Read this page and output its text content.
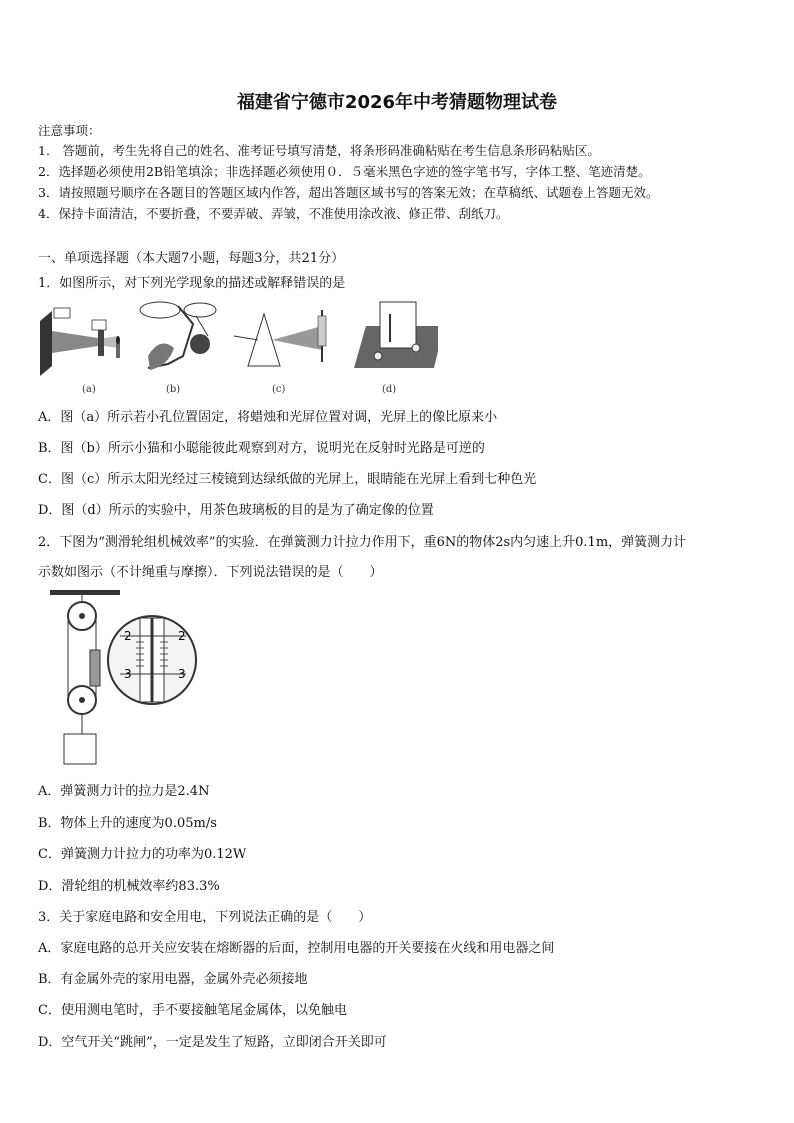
福建省宁德市2026年中考猜题物理试卷
注意事项：
1.　答题前，考生先将自己的姓名、准考证号填写清楚，将条形码准确粘贴在考生信息条形码粘贴区。
2．选择题必须使用2B铅笔填涂；非选择题必须使用０．５毫米黑色字迹的签字笔书写，字体工整、笔迹清楚。
3．请按照题号顺序在各题目的答题区域内作答，超出答题区域书写的答案无效；在草稿纸、试题卷上答题无效。
4．保持卡面清洁，不要折叠，不要弄破、弄皱，不准使用涂改液、修正带、刮纸刀。
一、单项选择题（本大题7小题，每题3分，共21分）
1．如图所示，对下列光学现象的描述或解释错误的是
(a)	(b)	(c)	(d)
A．图（a）所示若小孔位置固定，将蜡烛和光屏位置对调，光屏上的像比原来小
B．图（b）所示小猫和小聪能彼此观察到对方，说明光在反射时光路是可逆的
C．图（c）所示太阳光经过三棱镜到达绿纸做的光屏上，眼睛能在光屏上看到七种色光
D．图（d）所示的实验中，用茶色玻璃板的目的是为了确定像的位置
2．下图为“测滑轮组机械效率”的实验．在弹簧测力计拉力作用下，重6N的物体2s内匀速上升0.1m，弹簧测力计
示数如图示（不计绳重与摩擦）．下列说法错误的是（　　）
2	2
3	3
A．弹簧测力计的拉力是2.4N
B．物体上升的速度为0.05m/s
C．弹簧测力计拉力的功率为0.12W
D．滑轮组的机械效率约83.3%
3．关于家庭电路和安全用电，下列说法正确的是（　　）
A．家庭电路的总开关应安装在熔断器的后面，控制用电器的开关要接在火线和用电器之间
B．有金属外壳的家用电器，金属外壳必须接地
C．使用测电笔时，手不要接触笔尾金属体，以免触电
D．空气开关“跳闸”，一定是发生了短路，立即闭合开关即可
